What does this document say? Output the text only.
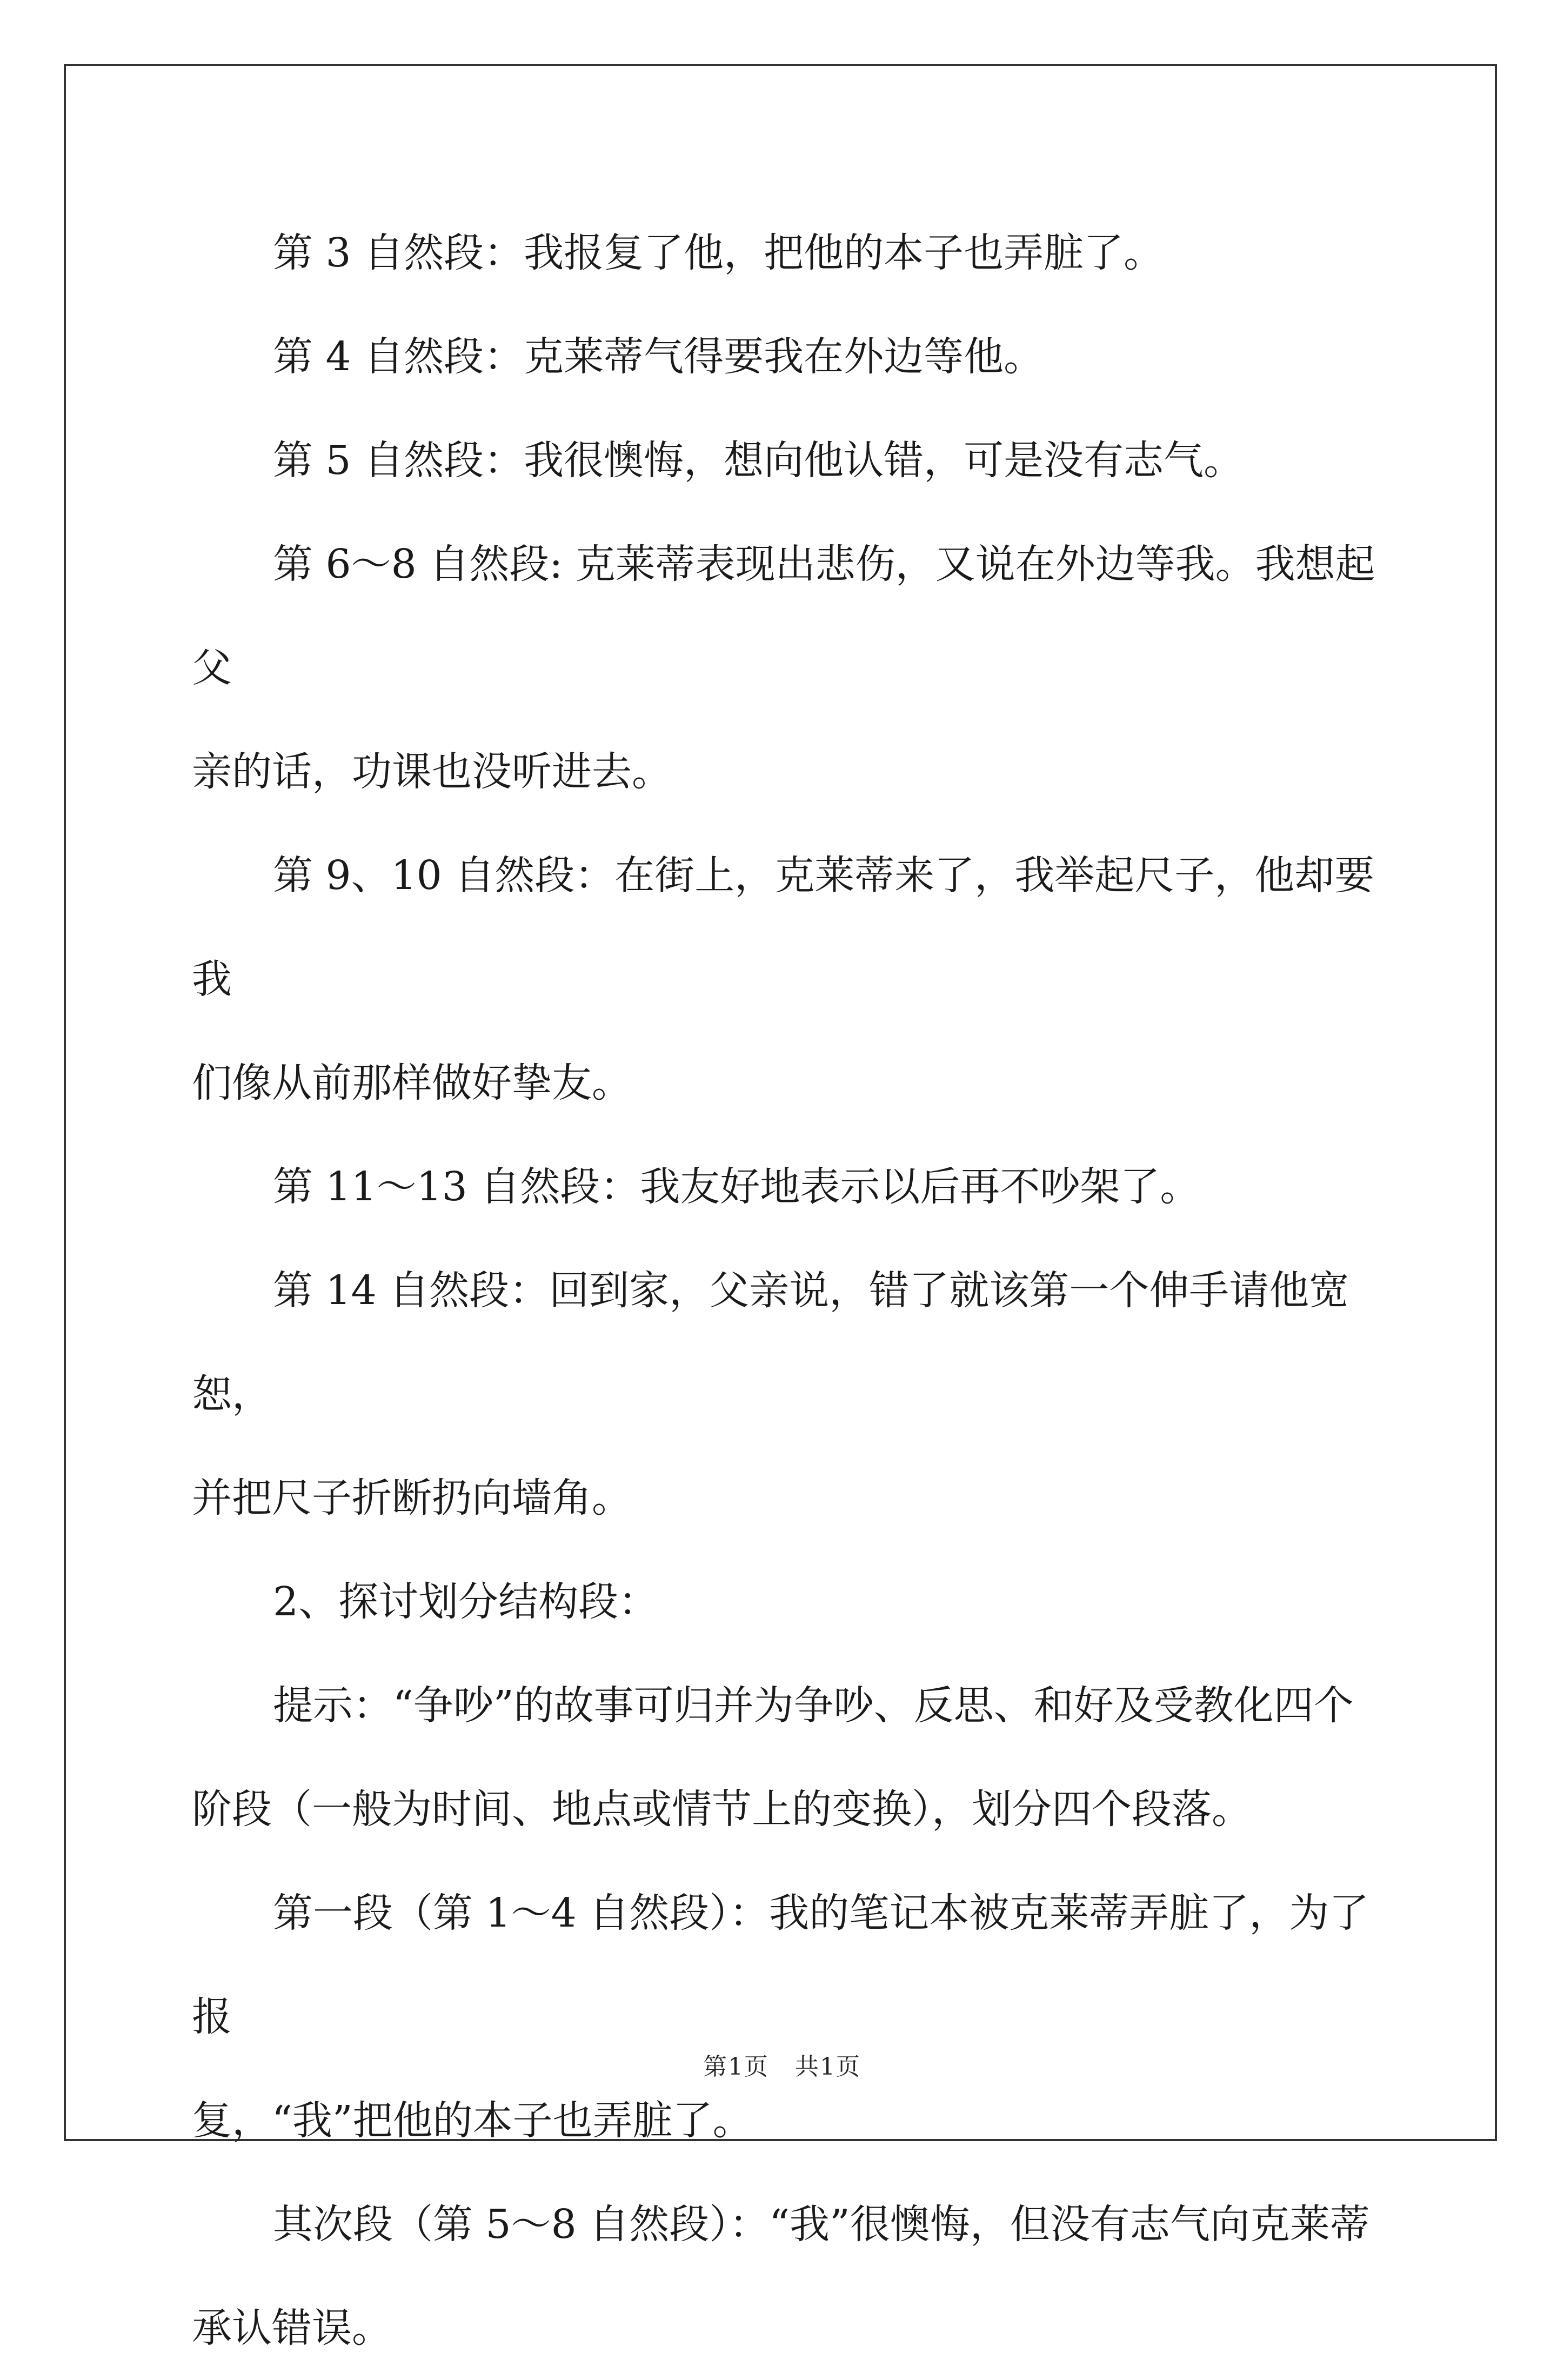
第 3 自然段：我报复了他，把他的本子也弄脏了。

第 4 自然段：克莱蒂气得要我在外边等他。

第 5 自然段：我很懊悔，想向他认错，可是没有志气。

第 6～8 自然段: 克莱蒂表现出悲伤，又说在外边等我。我想起父
亲的话，功课也没听进去。

第 9、10 自然段：在街上，克莱蒂来了，我举起尺子，他却要我
们像从前那样做好挚友。

第 11～13 自然段：我友好地表示以后再不吵架了。

第 14 自然段：回到家，父亲说，错了就该第一个伸手请他宽恕，
并把尺子折断扔向墙角。

2、探讨划分结构段：

提示：“争吵”的故事可归并为争吵、反思、和好及受教化四个
阶段（一般为时间、地点或情节上的变换），划分四个段落。

第一段（第 1～4 自然段）：我的笔记本被克莱蒂弄脏了，为了报
复，“我”把他的本子也弄脏了。

其次段（第 5～8 自然段）：“我”很懊悔，但没有志气向克莱蒂
承认错误。

第1页 共1页
